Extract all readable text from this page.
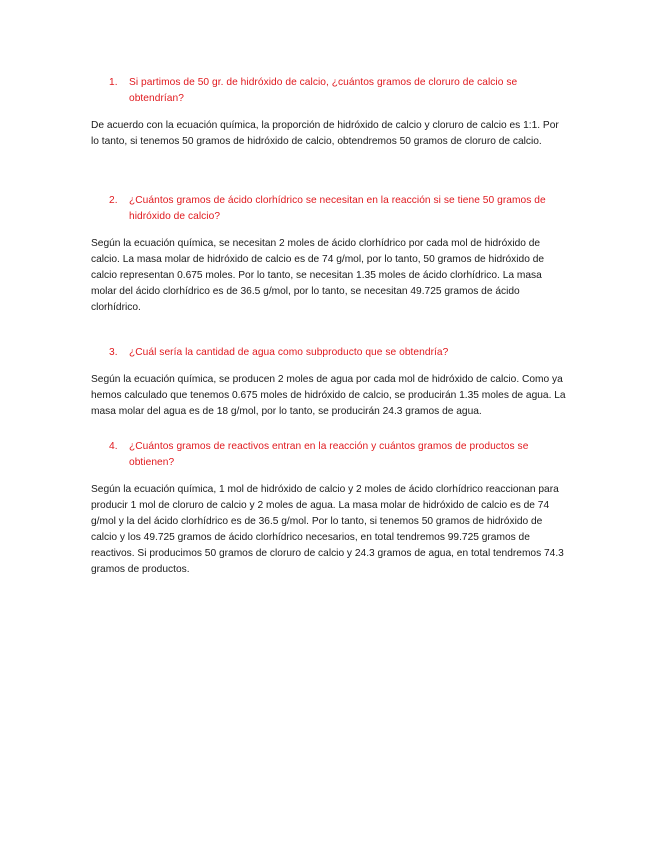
1.	Si partimos de 50 gr. de hidróxido de calcio, ¿cuántos gramos de cloruro de calcio se obtendrían?
De acuerdo con la ecuación química, la proporción de hidróxido de calcio y cloruro de calcio es 1:1. Por lo tanto, si tenemos 50 gramos de hidróxido de calcio, obtendremos 50 gramos de cloruro de calcio.
2.	¿Cuántos gramos de ácido clorhídrico se necesitan en la reacción si se tiene 50 gramos de hidróxido de calcio?
Según la ecuación química, se necesitan 2 moles de ácido clorhídrico por cada mol de hidróxido de calcio. La masa molar de hidróxido de calcio es de 74 g/mol, por lo tanto, 50 gramos de hidróxido de calcio representan 0.675 moles. Por lo tanto, se necesitan 1.35 moles de ácido clorhídrico. La masa molar del ácido clorhídrico es de 36.5 g/mol, por lo tanto, se necesitan 49.725 gramos de ácido clorhídrico.
3.	¿Cuál sería la cantidad de agua como subproducto que se obtendría?
Según la ecuación química, se producen 2 moles de agua por cada mol de hidróxido de calcio. Como ya hemos calculado que tenemos 0.675 moles de hidróxido de calcio, se producirán 1.35 moles de agua. La masa molar del agua es de 18 g/mol, por lo tanto, se producirán 24.3 gramos de agua.
4.	¿Cuántos gramos de reactivos entran en la reacción y cuántos gramos de productos se obtienen?
Según la ecuación química, 1 mol de hidróxido de calcio y 2 moles de ácido clorhídrico reaccionan para producir 1 mol de cloruro de calcio y 2 moles de agua. La masa molar de hidróxido de calcio es de 74 g/mol y la del ácido clorhídrico es de 36.5 g/mol. Por lo tanto, si tenemos 50 gramos de hidróxido de calcio y los 49.725 gramos de ácido clorhídrico necesarios, en total tendremos 99.725 gramos de reactivos. Si producimos 50 gramos de cloruro de calcio y 24.3 gramos de agua, en total tendremos 74.3 gramos de productos.
